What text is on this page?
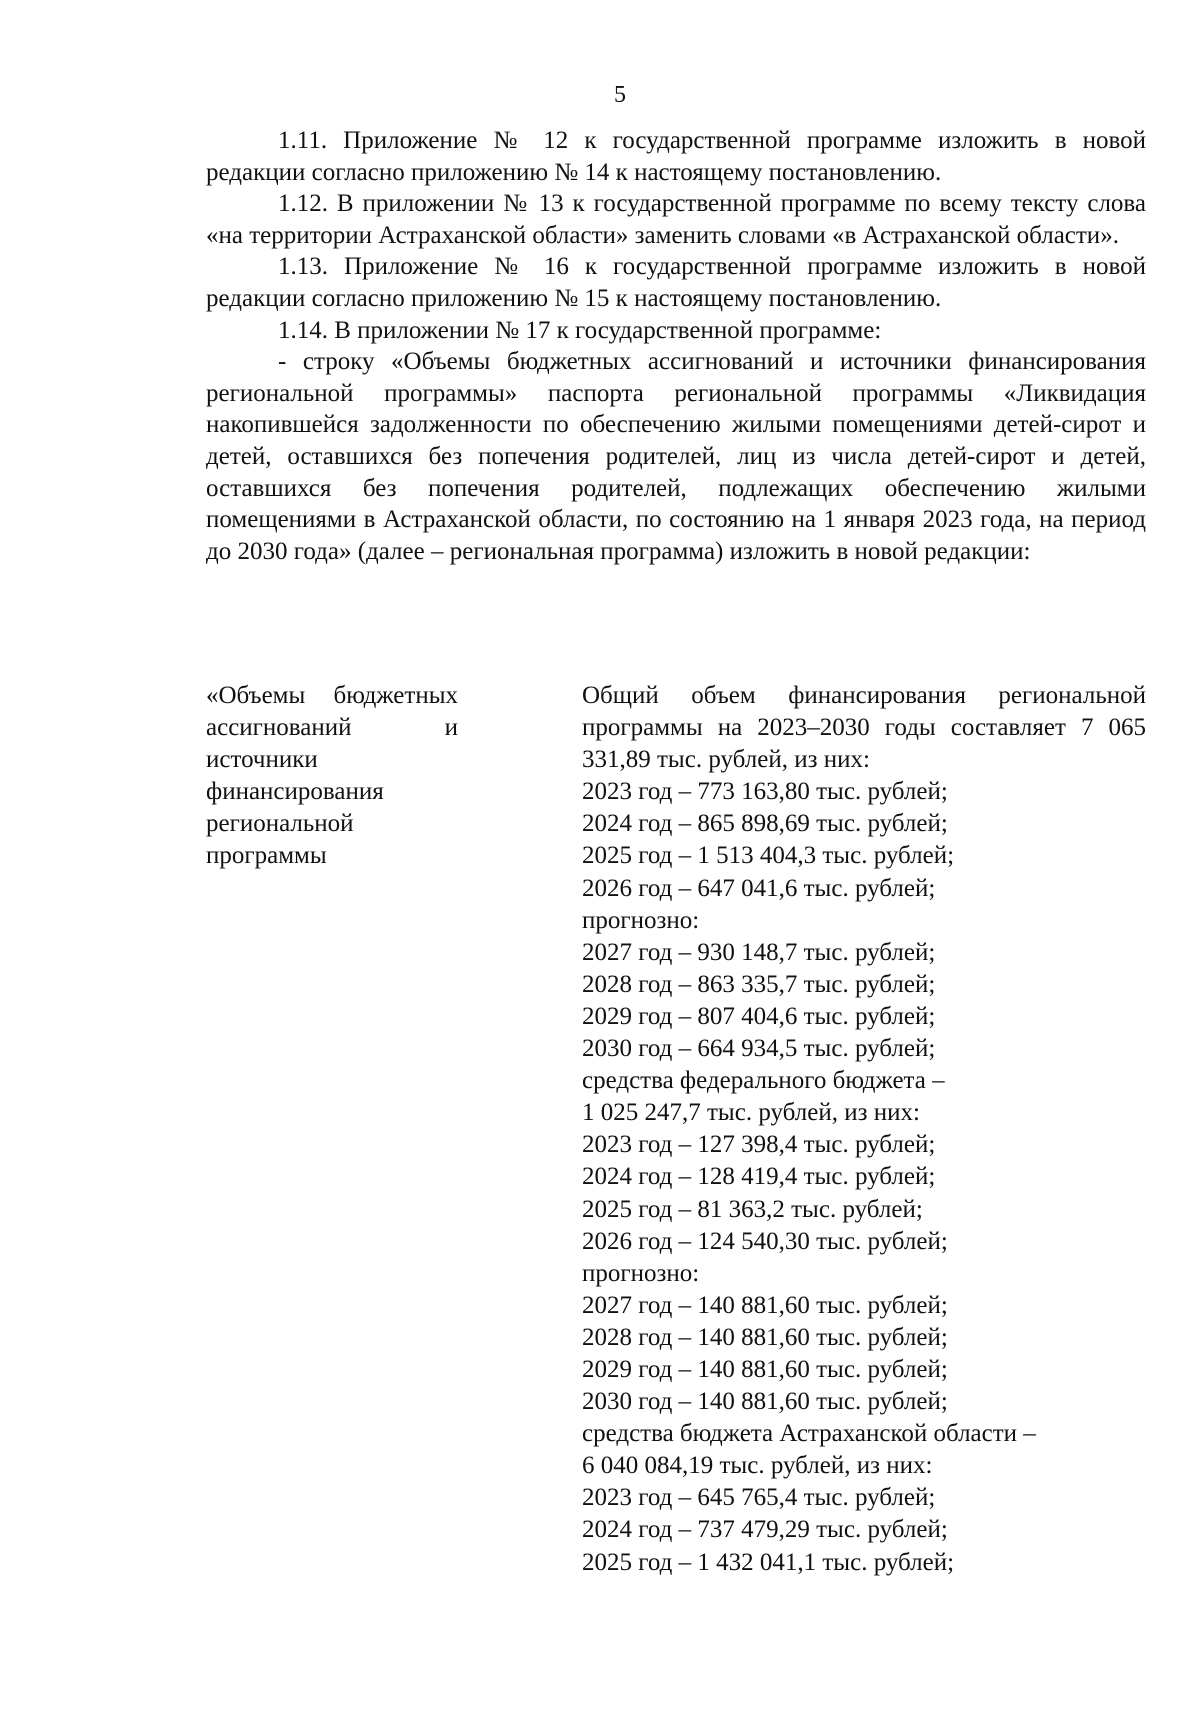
5

1.11. Приложение № 12 к государственной программе изложить в новой редакции согласно приложению № 14 к настоящему постановлению.

1.12. В приложении № 13 к государственной программе по всему тексту слова «на территории Астраханской области» заменить словами «в Астраханской области».

1.13. Приложение № 16 к государственной программе изложить в новой редакции согласно приложению № 15 к настоящему постановлению.

1.14. В приложении № 17 к государственной программе:

- строку «Объемы бюджетных ассигнований и источники финансирования региональной программы» паспорта региональной программы «Ликвидация накопившейся задолженности по обеспечению жилыми помещениями детей-сирот и детей, оставшихся без попечения родителей, лиц из числа детей-сирот и детей, оставшихся без попечения родителей, подлежащих обеспечению жилыми помещениями в Астраханской области, по состоянию на 1 января 2023 года, на период до 2030 года» (далее – региональная программа) изложить в новой редакции:

«Объемы бюджетных ассигнований и источники финансирования региональной программы
Общий объем финансирования региональной программы на 2023–2030 годы составляет 7 065 331,89 тыс. рублей, из них:
2023 год – 773 163,80 тыс. рублей;
2024 год – 865 898,69 тыс. рублей;
2025 год – 1 513 404,3 тыс. рублей;
2026 год – 647 041,6 тыс. рублей;
прогнозно:
2027 год – 930 148,7 тыс. рублей;
2028 год – 863 335,7 тыс. рублей;
2029 год – 807 404,6 тыс. рублей;
2030 год – 664 934,5 тыс. рублей;
средства федерального бюджета –
1 025 247,7 тыс. рублей, из них:
2023 год – 127 398,4 тыс. рублей;
2024 год – 128 419,4 тыс. рублей;
2025 год – 81 363,2 тыс. рублей;
2026 год – 124 540,30 тыс. рублей;
прогнозно:
2027 год – 140 881,60 тыс. рублей;
2028 год – 140 881,60 тыс. рублей;
2029 год – 140 881,60 тыс. рублей;
2030 год – 140 881,60 тыс. рублей;
средства бюджета Астраханской области –
6 040 084,19 тыс. рублей, из них:
2023 год – 645 765,4 тыс. рублей;
2024 год – 737 479,29 тыс. рублей;
2025 год – 1 432 041,1 тыс. рублей;
